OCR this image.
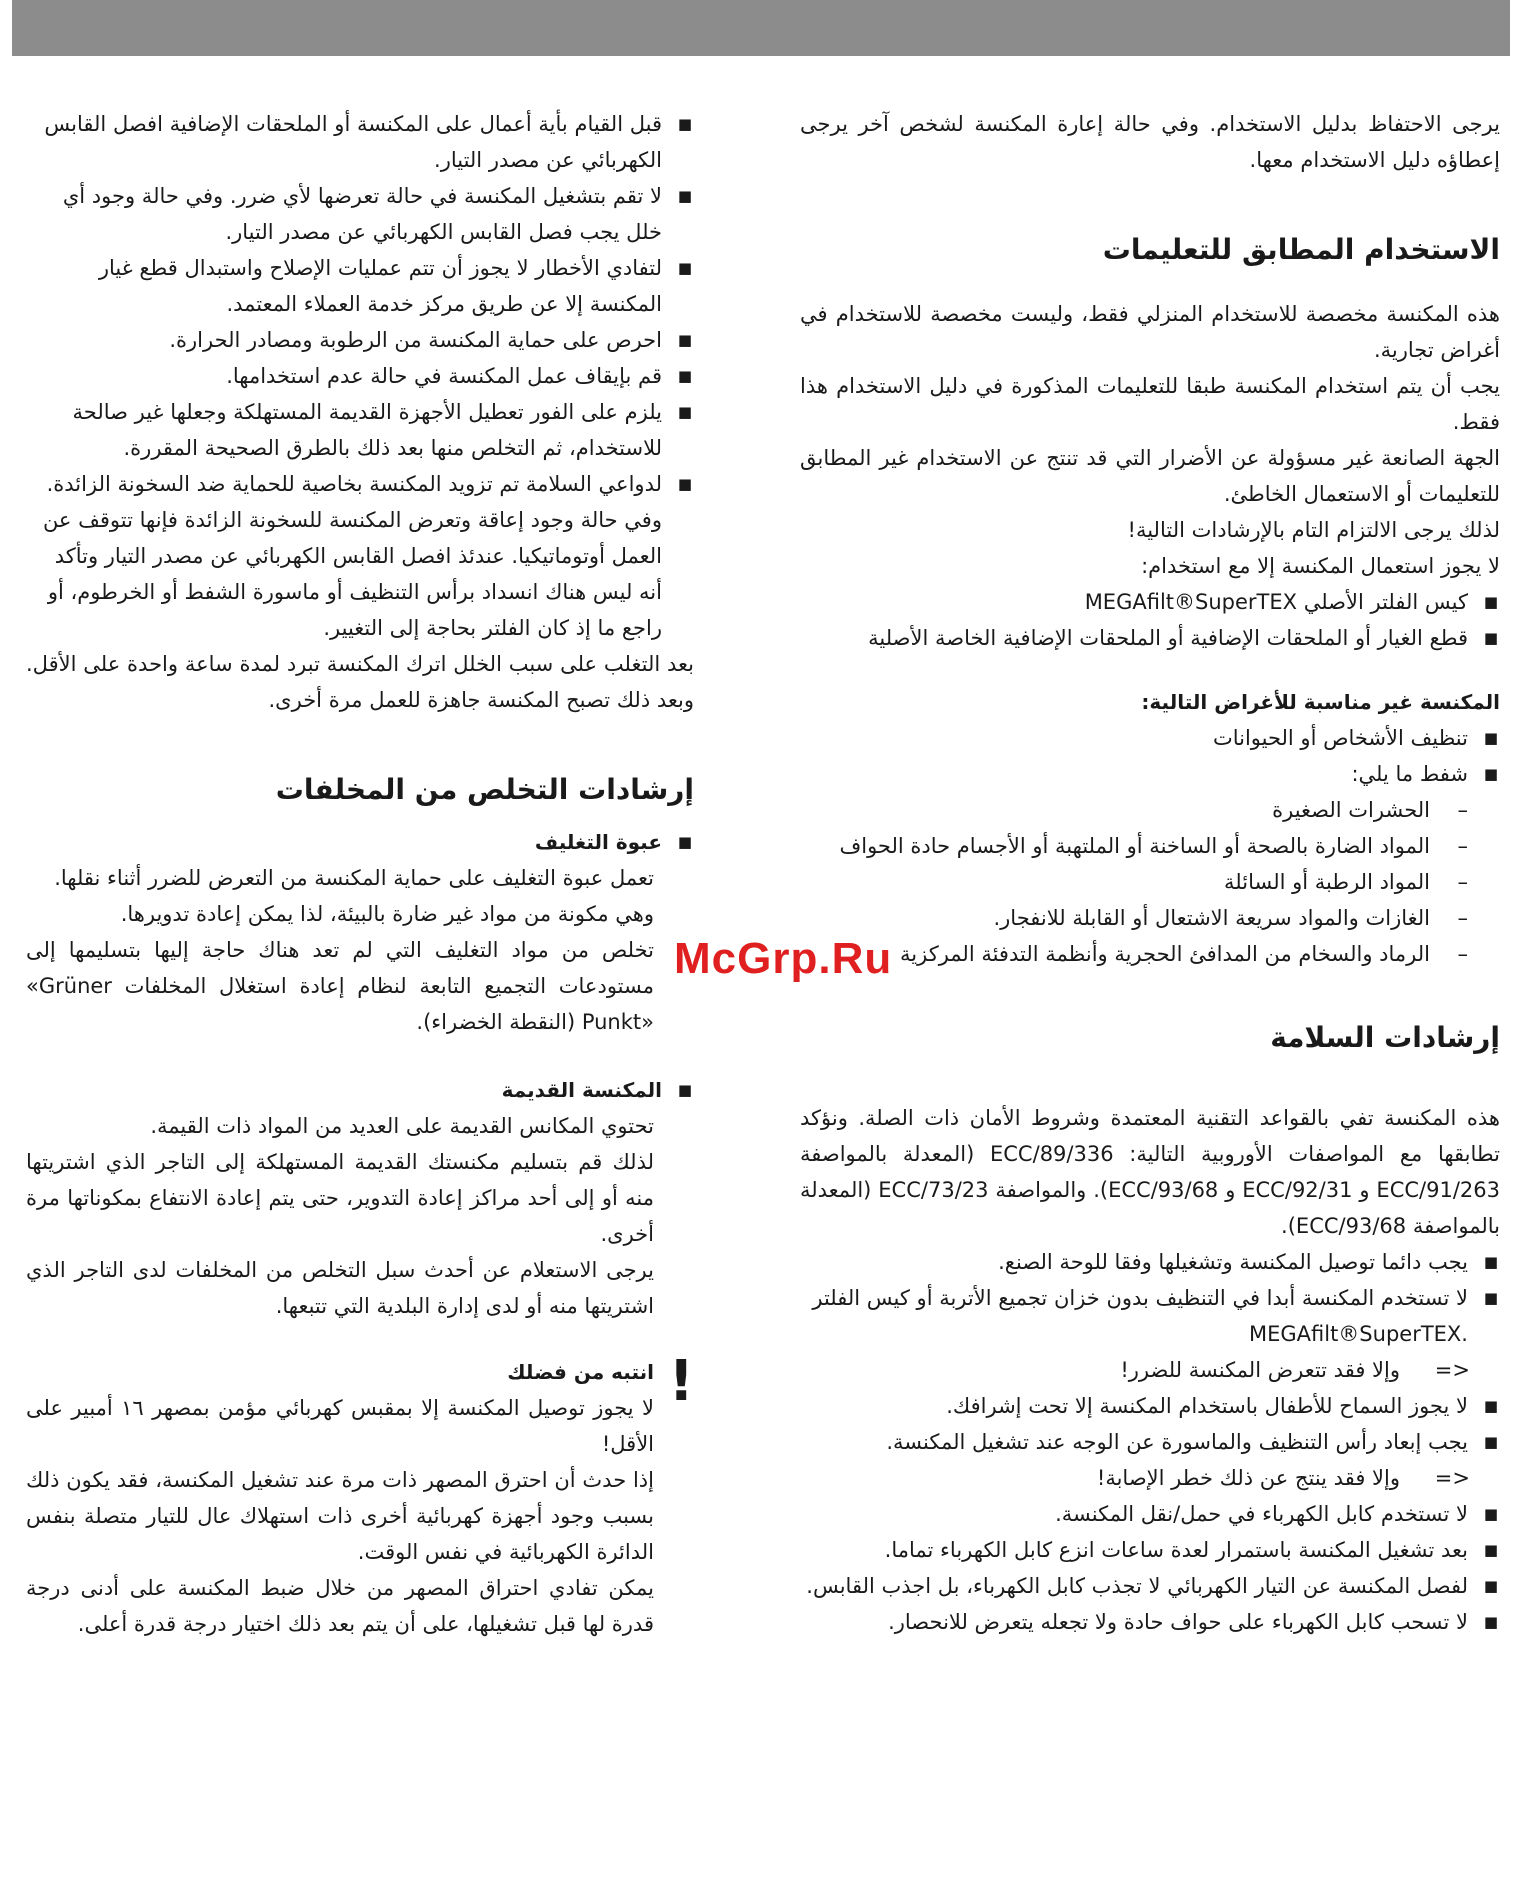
يرجى الاحتفاظ بدليل الاستخدام. وفي حالة إعارة المكنسة لشخص آخر يرجى إعطاؤه دليل الاستخدام معها.

الاستخدام المطابق للتعليمات

هذه المكنسة مخصصة للاستخدام المنزلي فقط، وليست مخصصة للاستخدام في أغراض تجارية.

يجب أن يتم استخدام المكنسة طبقا للتعليمات المذكورة في دليل الاستخدام هذا فقط.

الجهة الصانعة غير مسؤولة عن الأضرار التي قد تنتج عن الاستخدام غير المطابق للتعليمات أو الاستعمال الخاطئ.

لذلك يرجى الالتزام التام بالإرشادات التالية!

لا يجوز استعمال المكنسة إلا مع استخدام:

■ كيس الفلتر الأصلي MEGAfilt®SuperTEX
■ قطع الغيار أو الملحقات الإضافية أو الملحقات الإضافية الخاصة الأصلية
المكنسة غير مناسبة للأغراض التالية:
■ تنظيف الأشخاص أو الحيوانات
■ شفط ما يلي:
– الحشرات الصغيرة
– المواد الضارة بالصحة أو الساخنة أو الملتهبة أو الأجسام حادة الحواف
– المواد الرطبة أو السائلة
– الغازات والمواد سريعة الاشتعال أو القابلة للانفجار.
– الرماد والسخام من المدافئ الحجرية وأنظمة التدفئة المركزية
إرشادات السلامة

هذه المكنسة تفي بالقواعد التقنية المعتمدة وشروط الأمان ذات الصلة. ونؤكد تطابقها مع المواصفات الأوروبية التالية: 89/336/ECC (المعدلة بالمواصفة 91/263/ECC و 92/31/ECC و 93/68/ECC). والمواصفة 73/23/ECC (المعدلة بالمواصفة 93/68/ECC).

■ يجب دائما توصيل المكنسة وتشغيلها وفقا للوحة الصنع.
■ لا تستخدم المكنسة أبدا في التنظيف بدون خزان تجميع الأتربة أو كيس الفلتر MEGAfilt®SuperTEX.
=> وإلا فقد تتعرض المكنسة للضرر!
■ لا يجوز السماح للأطفال باستخدام المكنسة إلا تحت إشرافك.
■ يجب إبعاد رأس التنظيف والماسورة عن الوجه عند تشغيل المكنسة.
=> وإلا فقد ينتج عن ذلك خطر الإصابة!
■ لا تستخدم كابل الكهرباء في حمل/نقل المكنسة.
■ بعد تشغيل المكنسة باستمرار لعدة ساعات انزع كابل الكهرباء تماما.
■ لفصل المكنسة عن التيار الكهربائي لا تجذب كابل الكهرباء، بل اجذب القابس.
■ لا تسحب كابل الكهرباء على حواف حادة ولا تجعله يتعرض للانحصار.
■ قبل القيام بأية أعمال على المكنسة أو الملحقات الإضافية افصل القابس الكهربائي عن مصدر التيار.
■ لا تقم بتشغيل المكنسة في حالة تعرضها لأي ضرر. وفي حالة وجود أي خلل يجب فصل القابس الكهربائي عن مصدر التيار.
■ لتفادي الأخطار لا يجوز أن تتم عمليات الإصلاح واستبدال قطع غيار المكنسة إلا عن طريق مركز خدمة العملاء المعتمد.
■ احرص على حماية المكنسة من الرطوبة ومصادر الحرارة.
■ قم بإيقاف عمل المكنسة في حالة عدم استخدامها.
■ يلزم على الفور تعطيل الأجهزة القديمة المستهلكة وجعلها غير صالحة للاستخدام، ثم التخلص منها بعد ذلك بالطرق الصحيحة المقررة.
■ لدواعي السلامة تم تزويد المكنسة بخاصية للحماية ضد السخونة الزائدة. وفي حالة وجود إعاقة وتعرض المكنسة للسخونة الزائدة فإنها تتوقف عن العمل أوتوماتيكيا. عندئذ افصل القابس الكهربائي عن مصدر التيار وتأكد أنه ليس هناك انسداد برأس التنظيف أو ماسورة الشفط أو الخرطوم، أو راجع ما إذ كان الفلتر بحاجة إلى التغيير.

بعد التغلب على سبب الخلل اترك المكنسة تبرد لمدة ساعة واحدة على الأقل. وبعد ذلك تصبح المكنسة جاهزة للعمل مرة أخرى.

إرشادات التخلص من المخلفات
■ عبوة التغليف

تعمل عبوة التغليف على حماية المكنسة من التعرض للضرر أثناء نقلها.

وهي مكونة من مواد غير ضارة بالبيئة، لذا يمكن إعادة تدويرها.

تخلص من مواد التغليف التي لم تعد هناك حاجة إليها بتسليمها إلى مستودعات التجميع التابعة لنظام إعادة استغلال المخلفات «Grüner Punkt» (النقطة الخضراء).

■ المكنسة القديمة

تحتوي المكانس القديمة على العديد من المواد ذات القيمة.

لذلك قم بتسليم مكنستك القديمة المستهلكة إلى التاجر الذي اشتريتها منه أو إلى أحد مراكز إعادة التدوير، حتى يتم إعادة الانتفاع بمكوناتها مرة أخرى.

يرجى الاستعلام عن أحدث سبل التخلص من المخلفات لدى التاجر الذي اشتريتها منه أو لدى إدارة البلدية التي تتبعها.

!
انتبه من فضلك

لا يجوز توصيل المكنسة إلا بمقبس كهربائي مؤمن بمصهر ١٦ أمبير على الأقل!

إذا حدث أن احترق المصهر ذات مرة عند تشغيل المكنسة، فقد يكون ذلك بسبب وجود أجهزة كهربائية أخرى ذات استهلاك عال للتيار متصلة بنفس الدائرة الكهربائية في نفس الوقت.

يمكن تفادي احتراق المصهر من خلال ضبط المكنسة على أدنى درجة قدرة لها قبل تشغيلها، على أن يتم بعد ذلك اختيار درجة قدرة أعلى.

McGrp.Ru
